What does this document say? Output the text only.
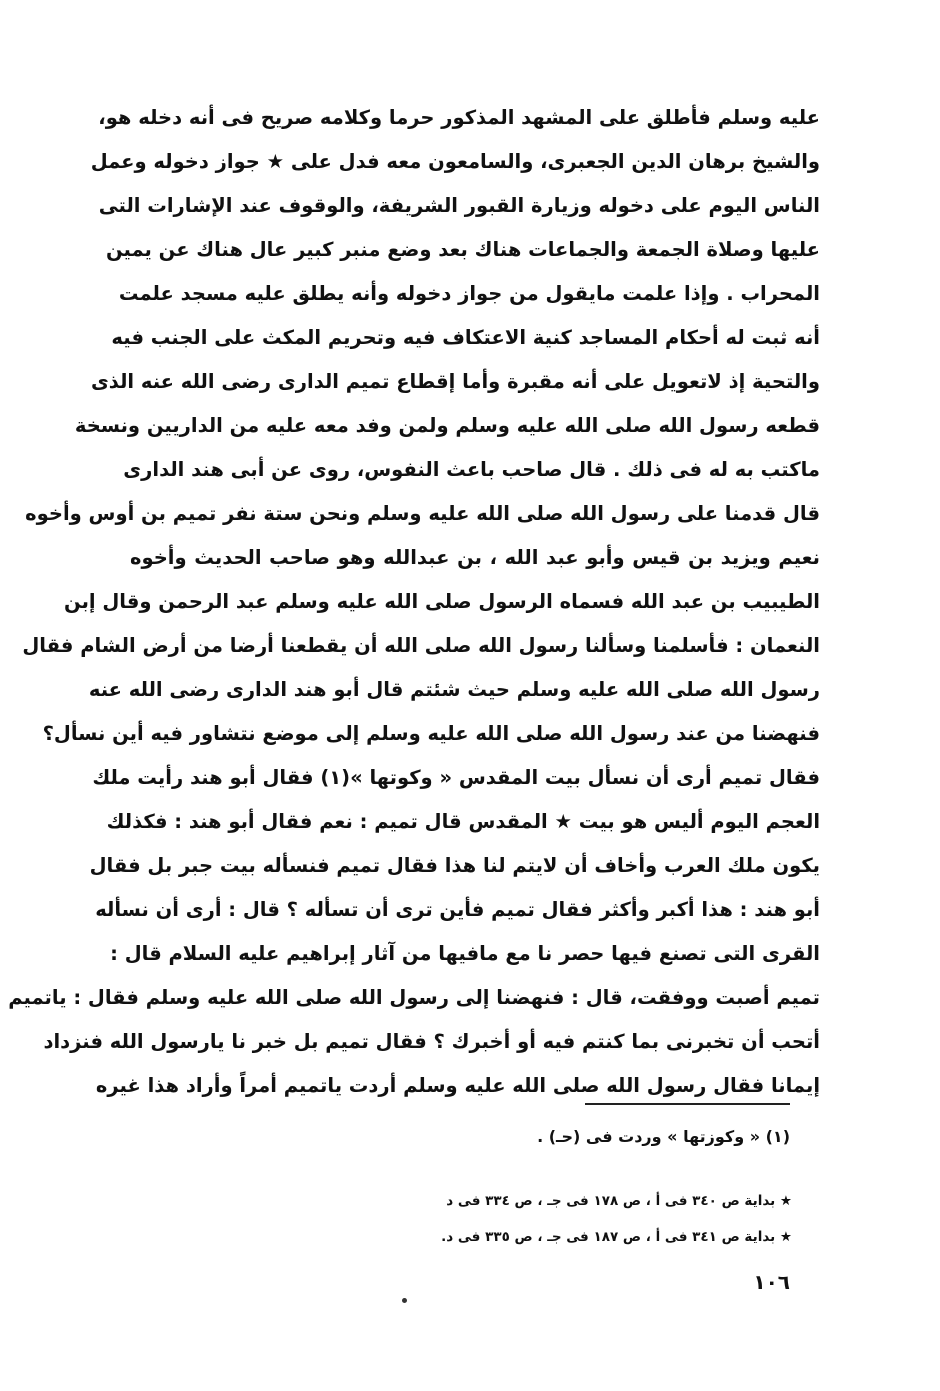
عليه وسلم فأطلق على المشهد المذكور حرما وكلامه صريح فى أنه دخله هو،
والشيخ برهان الدين الجعبرى، والسامعون معه فدل على ★ جواز دخوله وعمل
الناس اليوم على دخوله وزيارة القبور الشريفة، والوقوف عند الإشارات التى
عليها وصلاة الجمعة والجماعات هناك بعد وضع منبر كبير عال هناك عن يمين
المحراب . وإذا علمت مايقول من جواز دخوله وأنه يطلق عليه مسجد علمت
أنه ثبت له أحكام المساجد كنية الاعتكاف فيه وتحريم المكث على الجنب فيه
والتحية إذ لاتعويل على أنه مقبرة وأما إقطاع تميم الدارى رضى الله عنه الذى
قطعه رسول الله صلى الله عليه وسلم ولمن وفد معه عليه من الداريين ونسخة
ماكتب به له فى ذلك . قال صاحب باعث النفوس، روى عن أبى هند الدارى
قال قدمنا على رسول الله صلى الله عليه وسلم ونحن ستة نفر تميم بن أوس وأخوه
نعيم ويزيد بن قيس وأبو عبد الله ، بن عبدالله وهو صاحب الحديث وأخوه
الطيبيب بن عبد الله فسماه الرسول صلى الله عليه وسلم عبد الرحمن وقال إبن
النعمان : فأسلمنا وسألنا رسول الله صلى الله أن يقطعنا أرضا من أرض الشام فقال
رسول الله صلى الله عليه وسلم حيث شئتم قال أبو هند الدارى رضى الله عنه
فنهضنا من عند رسول الله صلى الله عليه وسلم إلى موضع نتشاور فيه أين نسأل؟
فقال تميم أرى أن نسأل بيت المقدس « وكوتها »(١) فقال أبو هند رأيت ملك
العجم اليوم أليس هو بيت ★ المقدس قال تميم : نعم فقال أبو هند : فكذلك
يكون ملك العرب وأخاف أن لايتم لنا هذا فقال تميم فنسأله بيت جبر بل فقال
أبو هند : هذا أكبر وأكثر فقال تميم فأين ترى أن تسأله ؟ قال : أرى أن نسأله
القرى التى تصنع فيها حصر نا مع مافيها من آثار إبراهيم عليه السلام قال :
تميم أصبت ووفقت، قال : فنهضنا إلى رسول الله صلى الله عليه وسلم فقال : ياتميم
أتحب أن تخبرنى بما كنتم فيه أو أخبرك ؟ فقال تميم بل خبر نا يارسول الله فنزداد
إيمانا فقال رسول الله صلى الله عليه وسلم أردت ياتميم أمراً وأراد هذا غيره
(١) « وكوزتها » وردت فى (حـ) .
★ بداية ص ٣٤٠ فى أ ، ص ١٧٨ فى جـ ، ص ٣٣٤ فى د
★ بداية ص ٣٤١ فى أ ، ص ١٨٧ فى جـ ، ص ٣٣٥ فى د.
١٠٦
